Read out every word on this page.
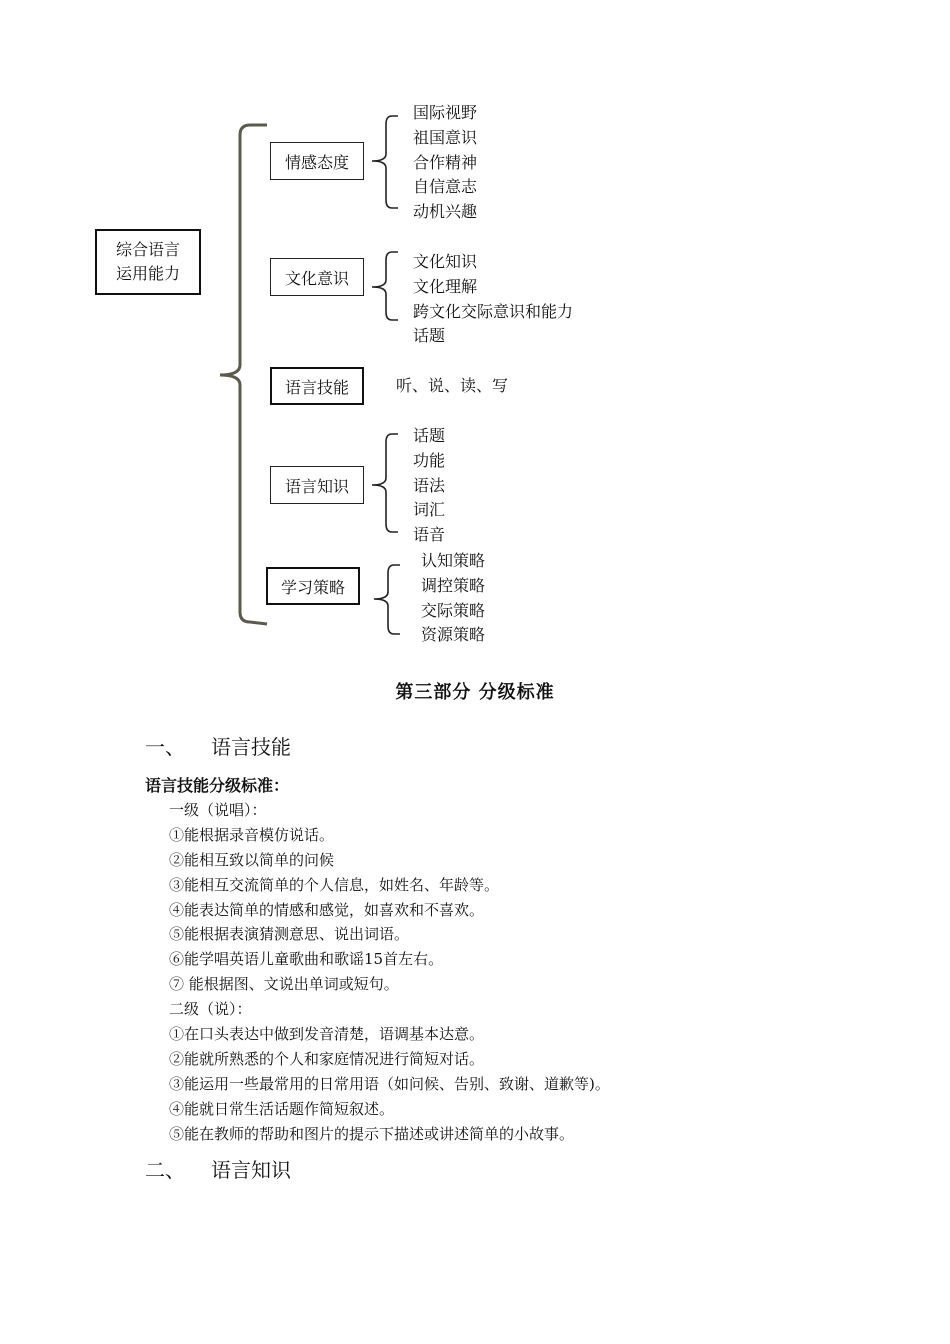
综合语言
运用能力
情感态度
文化意识
语言技能
语言知识
学习策略
国际视野
祖国意识
合作精神
自信意志
动机兴趣
文化知识
文化理解
跨文化交际意识和能力
话题
听、说、读、写
话题
功能
语法
词汇
语音
认知策略
调控策略
交际策略
资源策略
第三部分 分级标准
一、 语言技能
语言技能分级标准：
一级（说唱）：
①能根据录音模仿说话。
②能相互致以简单的问候
③能相互交流简单的个人信息，如姓名、年龄等。
④能表达简单的情感和感觉，如喜欢和不喜欢。
⑤能根据表演猜测意思、说出词语。
⑥能学唱英语儿童歌曲和歌谣15首左右。
⑦ 能根据图、文说出单词或短句。
二级（说）：
①在口头表达中做到发音清楚，语调基本达意。
②能就所熟悉的个人和家庭情况进行简短对话。
③能运用一些最常用的日常用语（如问候、告别、致谢、道歉等)。
④能就日常生活话题作简短叙述。
⑤能在教师的帮助和图片的提示下描述或讲述简单的小故事。
二、 语言知识
